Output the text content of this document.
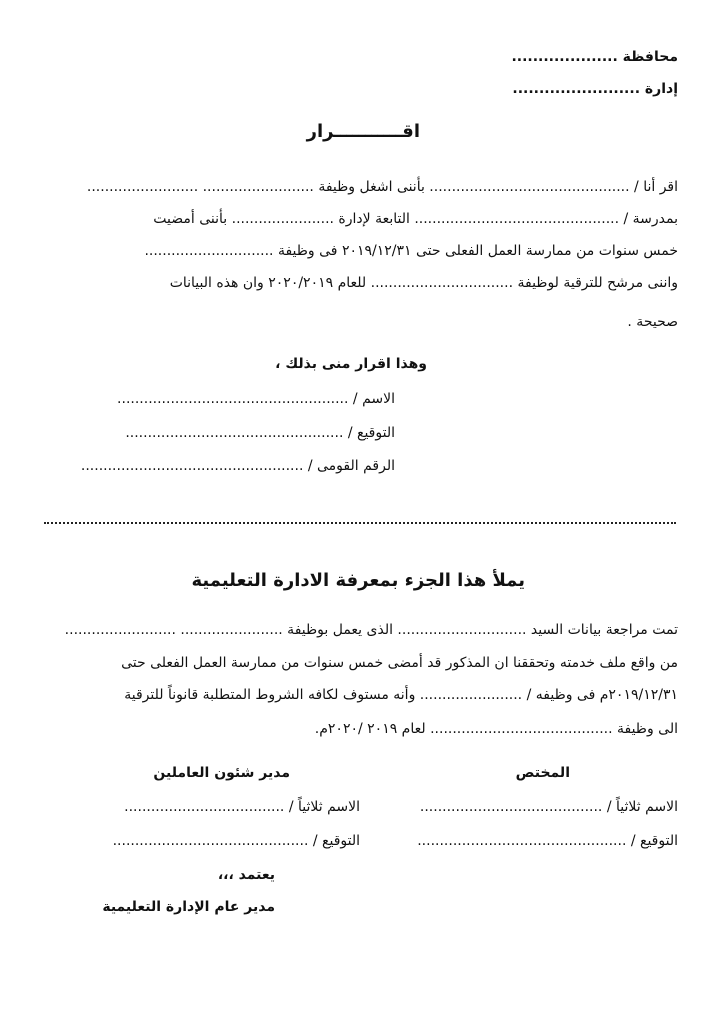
محافظة ....................
إدارة ........................
اقـــــــــــرار
اقر أنا / ............................................. بأننى اشغل وظيفة ......................... .........................
بمدرسة / .............................................. التابعة لإدارة ....................... بأننى أمضيت
خمس سنوات من ممارسة العمل الفعلى حتى ٢٠١٩/١٢/٣١ فى وظيفة .............................
واننى مرشح للترقية لوظيفة ................................ للعام ٢٠٢٠/٢٠١٩ وان هذه البيانات
صحيحة .
وهذا اقرار منى بذلك ،
الاسم / ....................................................
التوقيع / .................................................
الرقم القومى / ..................................................
يملأ هذا الجزء بمعرفة الادارة التعليمية
تمت مراجعة بيانات السيد ............................. الذى يعمل بوظيفة ....................... .........................
من واقع ملف خدمته وتحققنا ان المذكور قد أمضى خمس سنوات من ممارسة العمل الفعلى حتى
٢٠١٩/١٢/٣١م فى وظيفه / ....................... وأنه مستوف لكافه الشروط المتطلبة قانوناً للترقية
الى وظيفة ......................................... لعام ٢٠١٩ /٢٠٢٠م.
المختص
مدير شئون العاملين
الاسم ثلاثياً / .........................................
الاسم ثلاثياً / ....................................
التوقيع / ...............................................
التوقيع / ............................................
يعتمد ،،،
مدير عام الإدارة التعليمية
